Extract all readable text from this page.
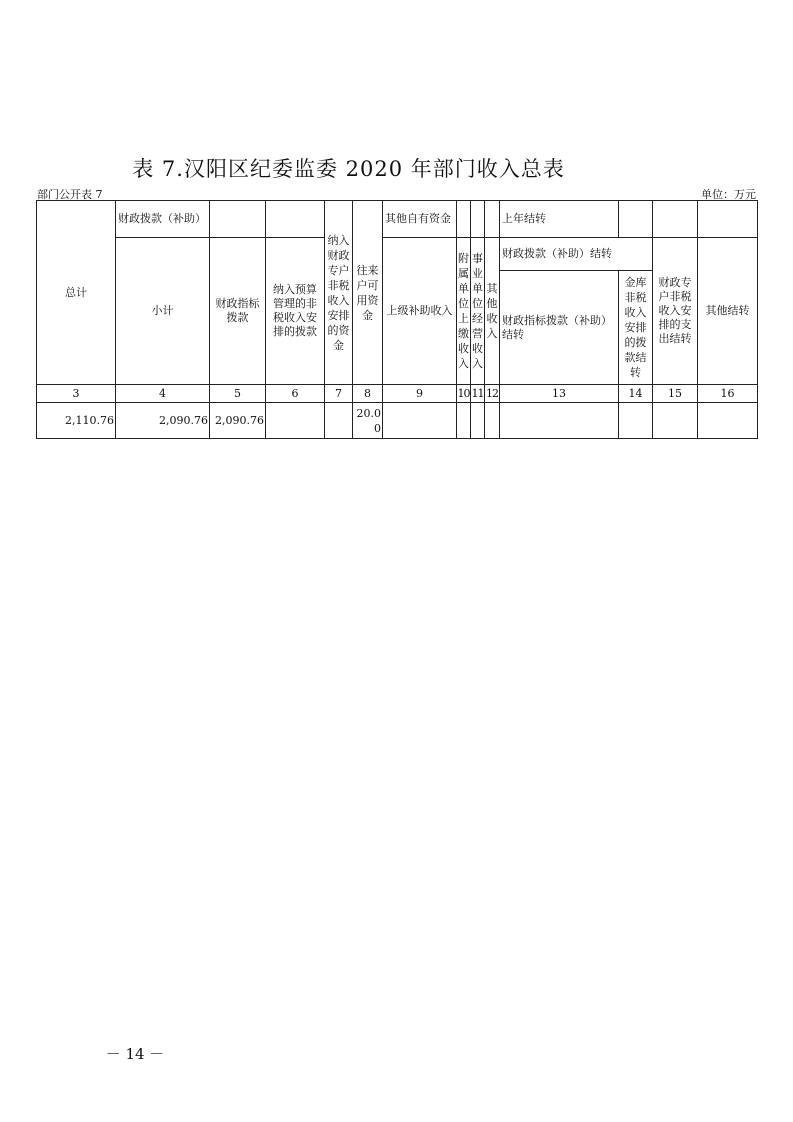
表 7.汉阳区纪委监委 2020 年部门收入总表
部门公开表 7	单位：万元
总计	财政拨款（补助）			纳入财政专户非税收入安排的资金	往来户可用资金	其他自有资金				上年结转			
	小计	财政指标拨款	纳入预算管理的非税收入安排的拨款			上级补助收入	附属单位上缴收入	事业单位经营收入	其他收入	财政拨款（补助）结转		财政专户非税收入安排的支出结转	其他结转
										财政指标拨款（补助）结转	金库非税收入安排的拨款结转		
3	4	5	6	7	8	9	10	11	12	13	14	15	16
2,110.76	2,090.76	2,090.76			20.00								
－ 14 －
